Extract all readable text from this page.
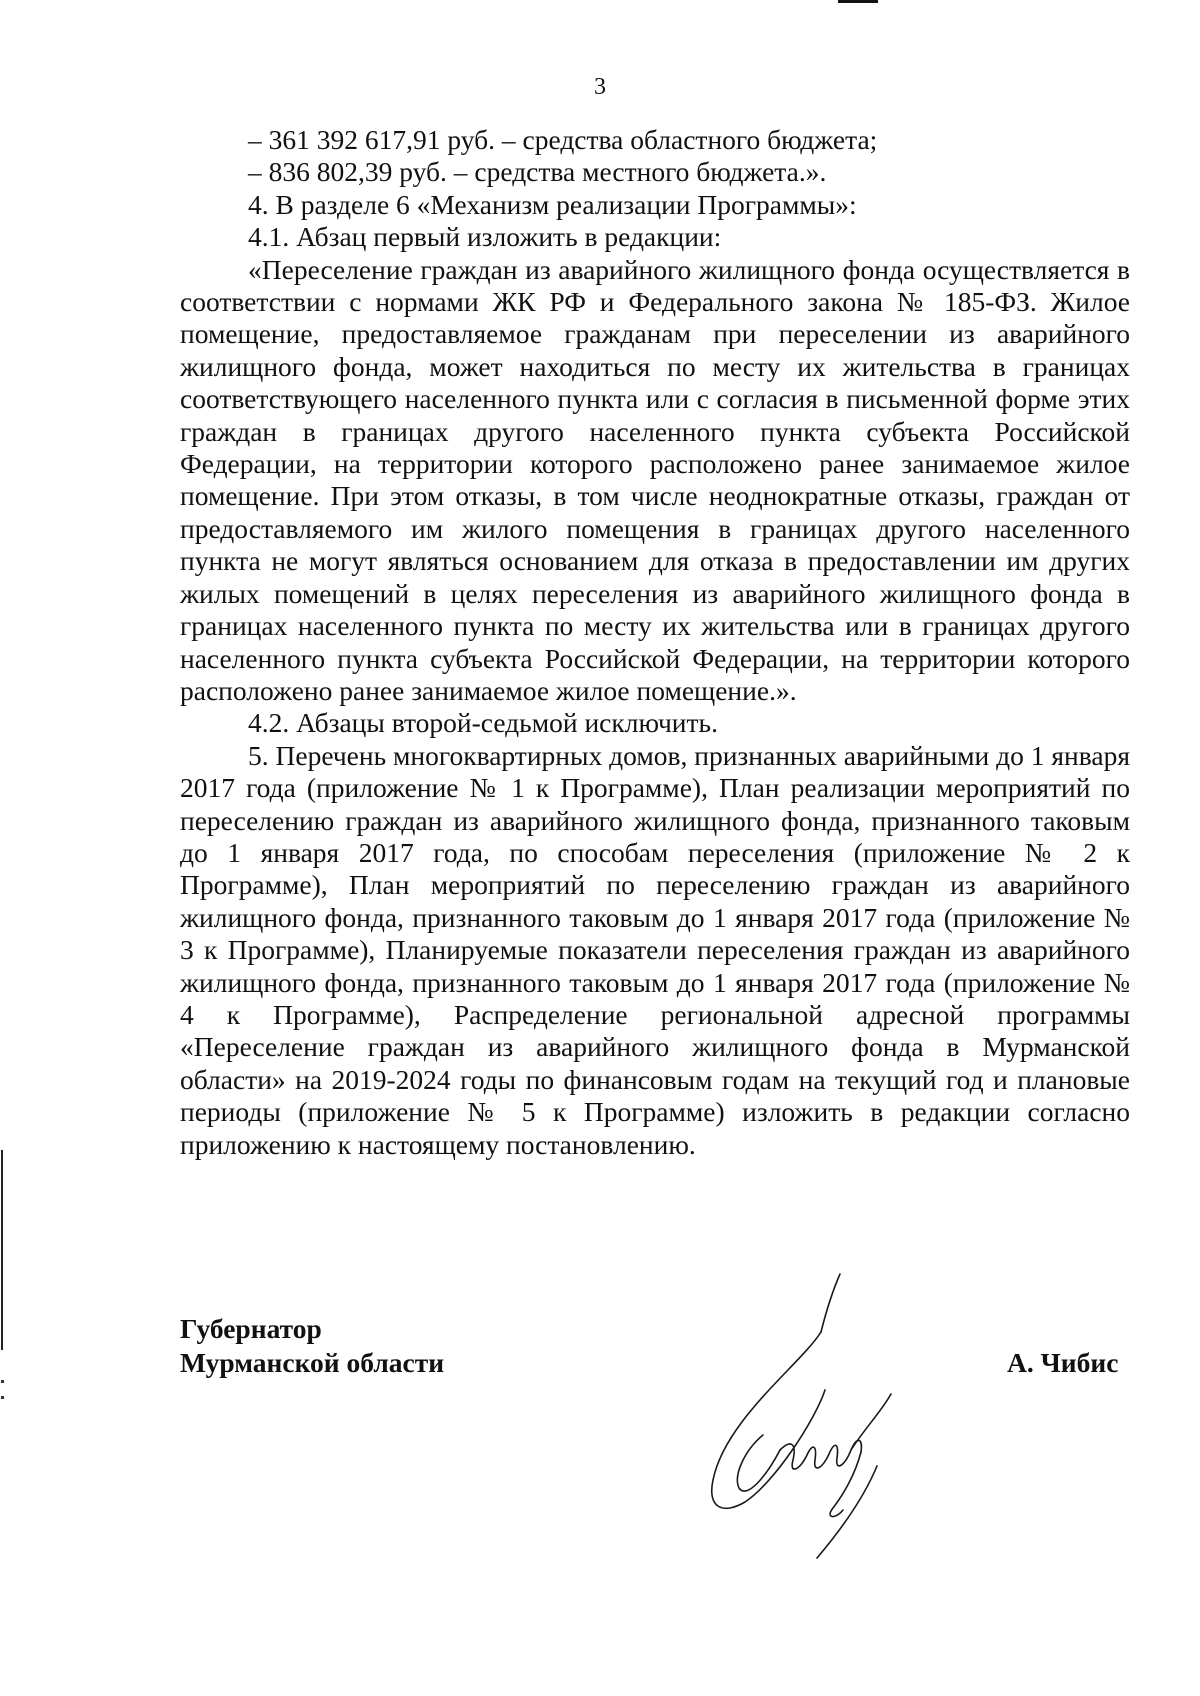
3

– 361 392 617,91 руб. – средства областного бюджета;

– 836 802,39 руб. – средства местного бюджета.».

4. В разделе 6 «Механизм реализации Программы»:

4.1. Абзац первый изложить в редакции:

«Переселение граждан из аварийного жилищного фонда осуществляется в соответствии с нормами ЖК РФ и Федерального закона № 185-ФЗ. Жилое помещение, предоставляемое гражданам при переселении из аварийного жилищного фонда, может находиться по месту их жительства в границах соответствующего населенного пункта или с согласия в письменной форме этих граждан в границах другого населенного пункта субъекта Российской Федерации, на территории которого расположено ранее занимаемое жилое помещение. При этом отказы, в том числе неоднократные отказы, граждан от предоставляемого им жилого помещения в границах другого населенного пункта не могут являться основанием для отказа в предоставлении им других жилых помещений в целях переселения из аварийного жилищного фонда в границах населенного пункта по месту их жительства или в границах другого населенного пункта субъекта Российской Федерации, на территории которого расположено ранее занимаемое жилое помещение.».

4.2. Абзацы второй-седьмой исключить.

5. Перечень многоквартирных домов, признанных аварийными до 1 января 2017 года (приложение № 1 к Программе), План реализации мероприятий по переселению граждан из аварийного жилищного фонда, признанного таковым до 1 января 2017 года, по способам переселения (приложение № 2 к Программе), План мероприятий по переселению граждан из аварийного жилищного фонда, признанного таковым до 1 января 2017 года (приложение № 3 к Программе), Планируемые показатели переселения граждан из аварийного жилищного фонда, признанного таковым до 1 января 2017 года (приложение № 4 к Программе), Распределение региональной адресной программы «Переселение граждан из аварийного жилищного фонда в Мурманской области» на 2019-2024 годы по финансовым годам на текущий год и плановые периоды (приложение № 5 к Программе) изложить в редакции согласно приложению к настоящему постановлению.

Губернатор
Мурманской области	А. Чибис
